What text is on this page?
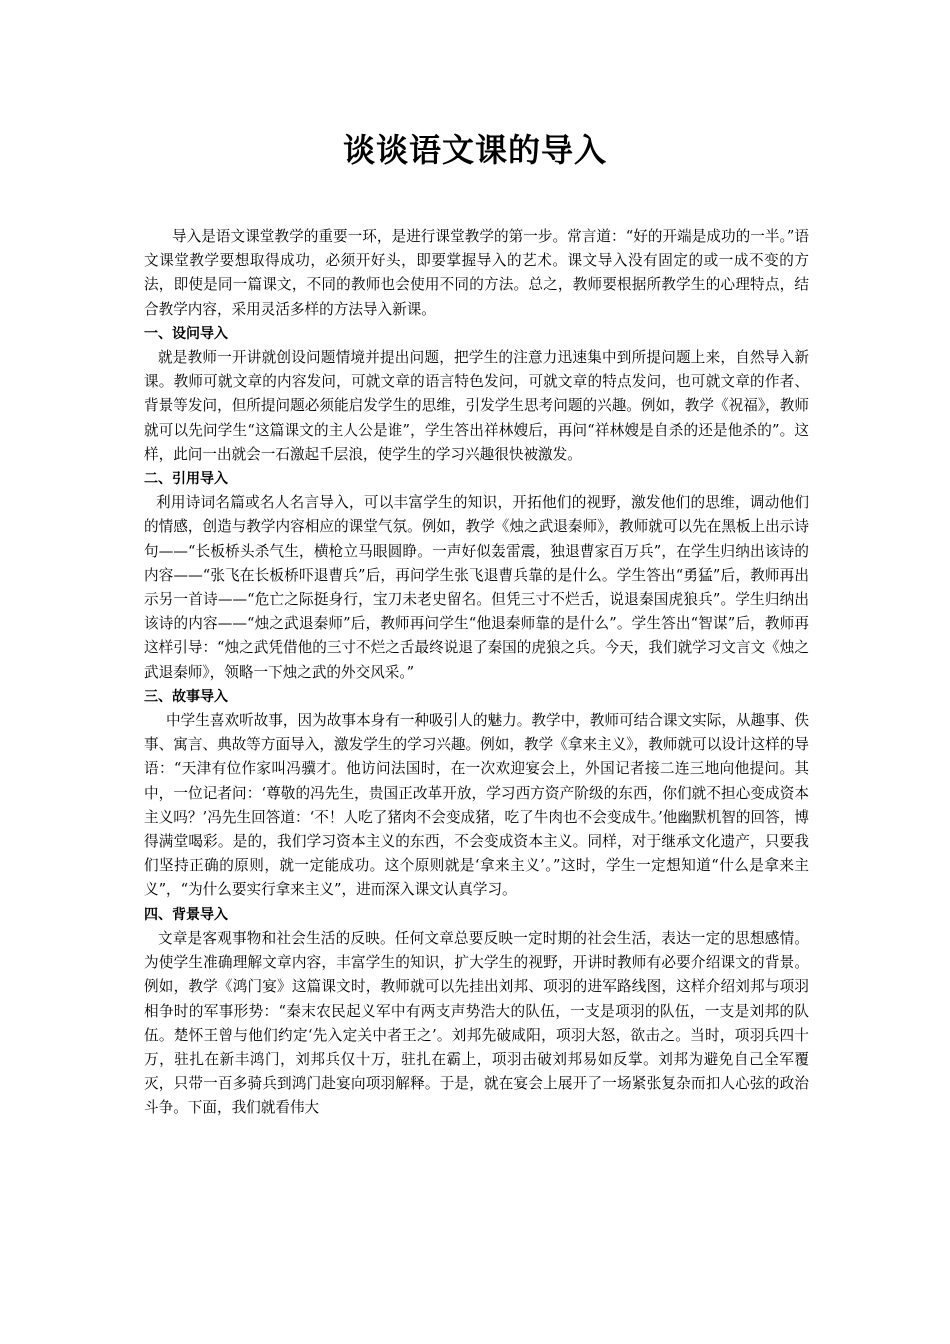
谈谈语文课的导入

导入是语文课堂教学的重要一环，是进行课堂教学的第一步。常言道：“好的开端是成功的一半。”语文课堂教学要想取得成功，必须开好头，即要掌握导入的艺术。课文导入没有固定的或一成不变的方法，即使是同一篇课文，不同的教师也会使用不同的方法。总之，教师要根据所教学生的心理特点，结合教学内容，采用灵活多样的方法导入新课。

一、设问导入

就是教师一开讲就创设问题情境并提出问题，把学生的注意力迅速集中到所提问题上来，自然导入新课。教师可就文章的内容发问，可就文章的语言特色发问，可就文章的特点发问，也可就文章的作者、背景等发问，但所提问题必须能启发学生的思维，引发学生思考问题的兴趣。例如，教学《祝福》，教师就可以先问学生“这篇课文的主人公是谁”，学生答出祥林嫂后，再问“祥林嫂是自杀的还是他杀的”。这样，此问一出就会一石激起千层浪，使学生的学习兴趣很快被激发。

二、引用导入

利用诗词名篇或名人名言导入，可以丰富学生的知识，开拓他们的视野，激发他们的思维，调动他们的情感，创造与教学内容相应的课堂气氛。例如，教学《烛之武退秦师》，教师就可以先在黑板上出示诗句——“长板桥头杀气生，横枪立马眼圆睁。一声好似轰雷震，独退曹家百万兵”，在学生归纳出该诗的内容——“张飞在长板桥吓退曹兵”后，再问学生张飞退曹兵靠的是什么。学生答出“勇猛”后，教师再出示另一首诗——“危亡之际挺身行，宝刀未老史留名。但凭三寸不烂舌，说退秦国虎狼兵”。学生归纳出该诗的内容——“烛之武退秦师”后，教师再问学生“他退秦师靠的是什么”。学生答出“智谋”后，教师再这样引导：“烛之武凭借他的三寸不烂之舌最终说退了秦国的虎狼之兵。今天，我们就学习文言文《烛之武退秦师》，领略一下烛之武的外交风采。”

三、故事导入

中学生喜欢听故事，因为故事本身有一种吸引人的魅力。教学中，教师可结合课文实际，从趣事、佚事、寓言、典故等方面导入，激发学生的学习兴趣。例如，教学《拿来主义》，教师就可以设计这样的导语：“天津有位作家叫冯骥才。他访问法国时，在一次欢迎宴会上，外国记者接二连三地向他提问。其中，一位记者问：‘尊敬的冯先生，贵国正改革开放，学习西方资产阶级的东西，你们就不担心变成资本主义吗？’冯先生回答道：‘不！人吃了猪肉不会变成猪，吃了牛肉也不会变成牛。’他幽默机智的回答，博得满堂喝彩。是的，我们学习资本主义的东西，不会变成资本主义。同样，对于继承文化遗产，只要我们坚持正确的原则，就一定能成功。这个原则就是‘拿来主义’。”这时，学生一定想知道“什么是拿来主义”，“为什么要实行拿来主义”，进而深入课文认真学习。

四、背景导入

文章是客观事物和社会生活的反映。任何文章总要反映一定时期的社会生活，表达一定的思想感情。为使学生准确理解文章内容，丰富学生的知识，扩大学生的视野，开讲时教师有必要介绍课文的背景。例如，教学《鸿门宴》这篇课文时，教师就可以先挂出刘邦、项羽的进军路线图，这样介绍刘邦与项羽相争时的军事形势：“秦末农民起义军中有两支声势浩大的队伍，一支是项羽的队伍，一支是刘邦的队伍。楚怀王曾与他们约定‘先入定关中者王之’。刘邦先破咸阳，项羽大怒，欲击之。当时，项羽兵四十万，驻扎在新丰鸿门，刘邦兵仅十万，驻扎在霸上，项羽击破刘邦易如反掌。刘邦为避免自己全军覆灭，只带一百多骑兵到鸿门赴宴向项羽解释。于是，就在宴会上展开了一场紧张复杂而扣人心弦的政治斗争。下面，我们就看伟大
